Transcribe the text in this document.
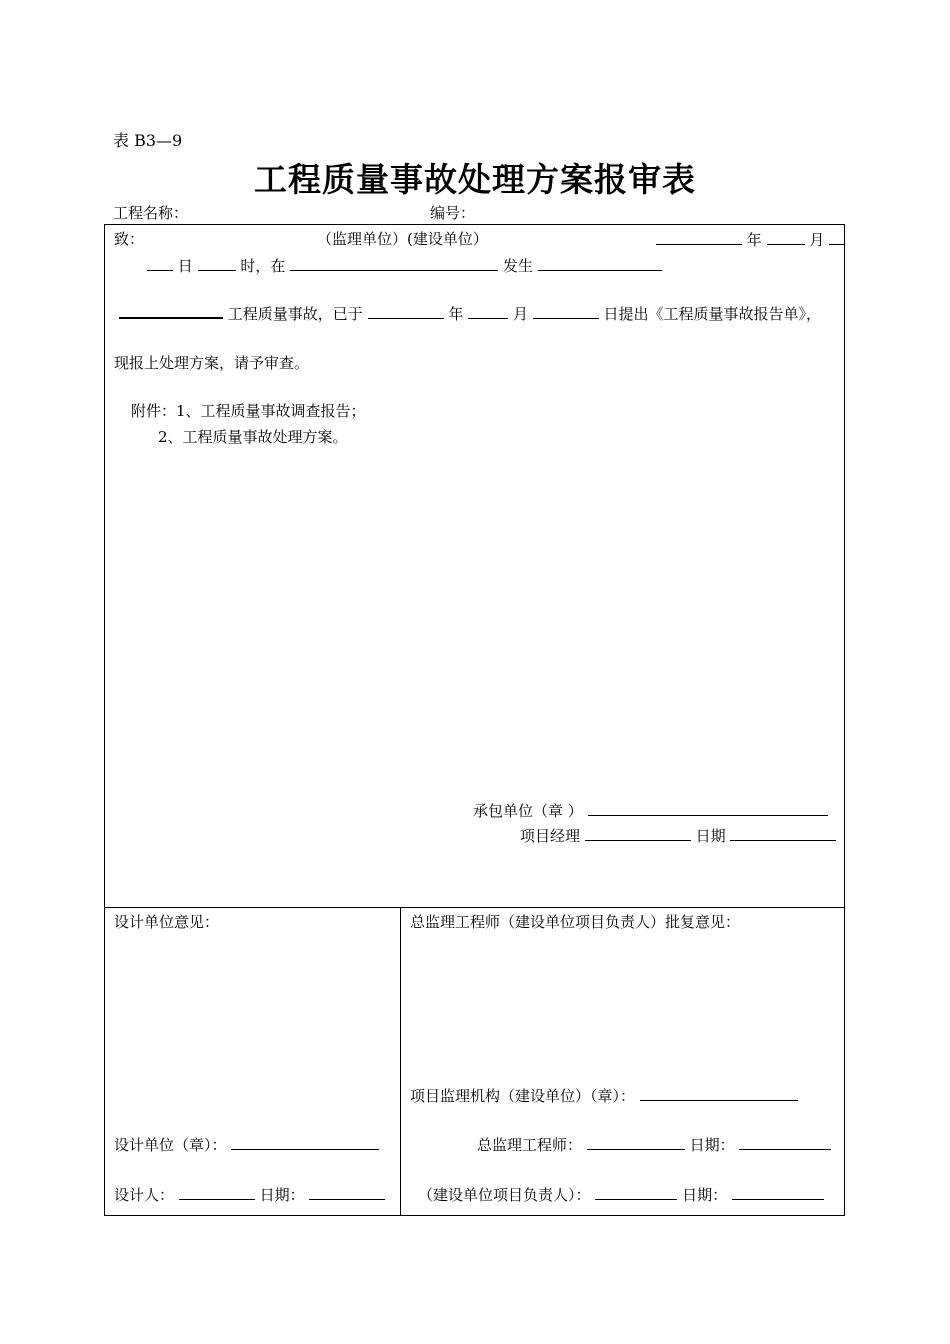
表 B3—9
工程质量事故处理方案报审表
工程名称：	编号：
致：	（监理单位）(建设单位）	年	月
日	时，在	发生
工程质量事故，已于	年	月	日提出《工程质量事故报告单》，
现报上处理方案，请予审查。
附件：1、工程质量事故调查报告；
2、工程质量事故处理方案。
承包单位（章 ）
项目经理	日期
设计单位意见：
设计单位（章）：
设计人：	日期：
总监理工程师（建设单位项目负责人）批复意见：
项目监理机构（建设单位）（章）：
总监理工程师：	日期：
（建设单位项目负责人）：	日期：
